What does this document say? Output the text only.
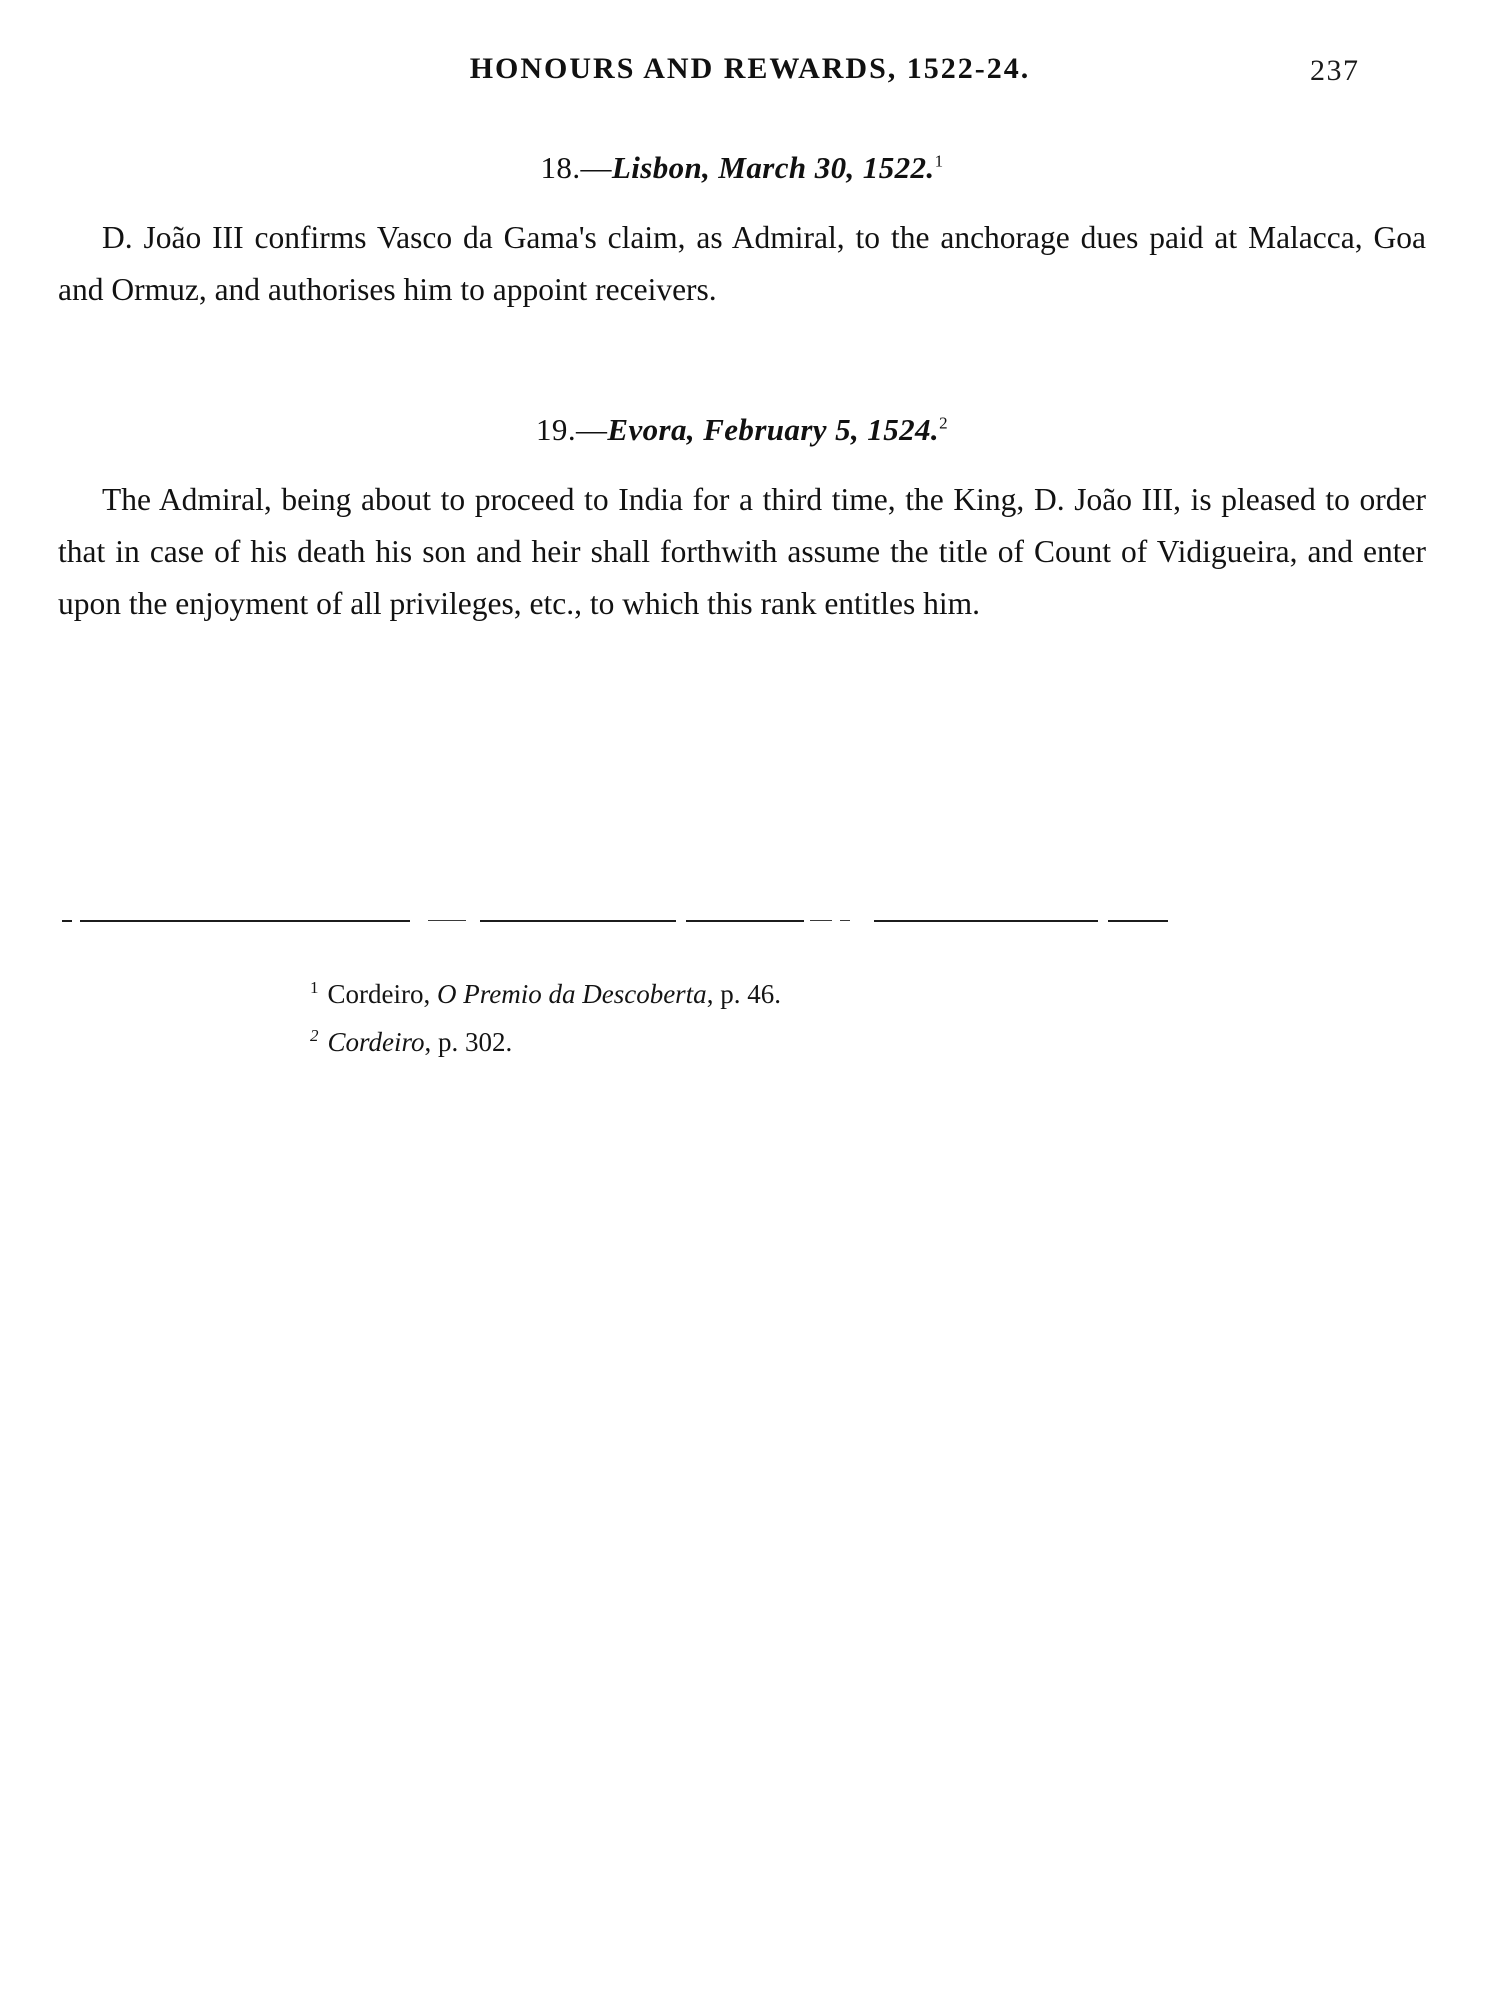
HONOURS AND REWARDS, 1522-24.	237
18.—Lisbon, March 30, 1522.$^1$
D. João III confirms Vasco da Gama's claim, as Admiral, to the anchorage dues paid at Malacca, Goa and Ormuz, and authorises him to appoint receivers.
19.—Evora, February 5, 1524.$^2$
The Admiral, being about to proceed to India for a third time, the King, D. João III, is pleased to order that in case of his death his son and heir shall forthwith assume the title of Count of Vidigueira, and enter upon the enjoyment of all privileges, etc., to which this rank entitles him.
$^1$ Cordeiro, O Premio da Descoberta, p. 46.
$^2$ Cordeiro, p. 302.
